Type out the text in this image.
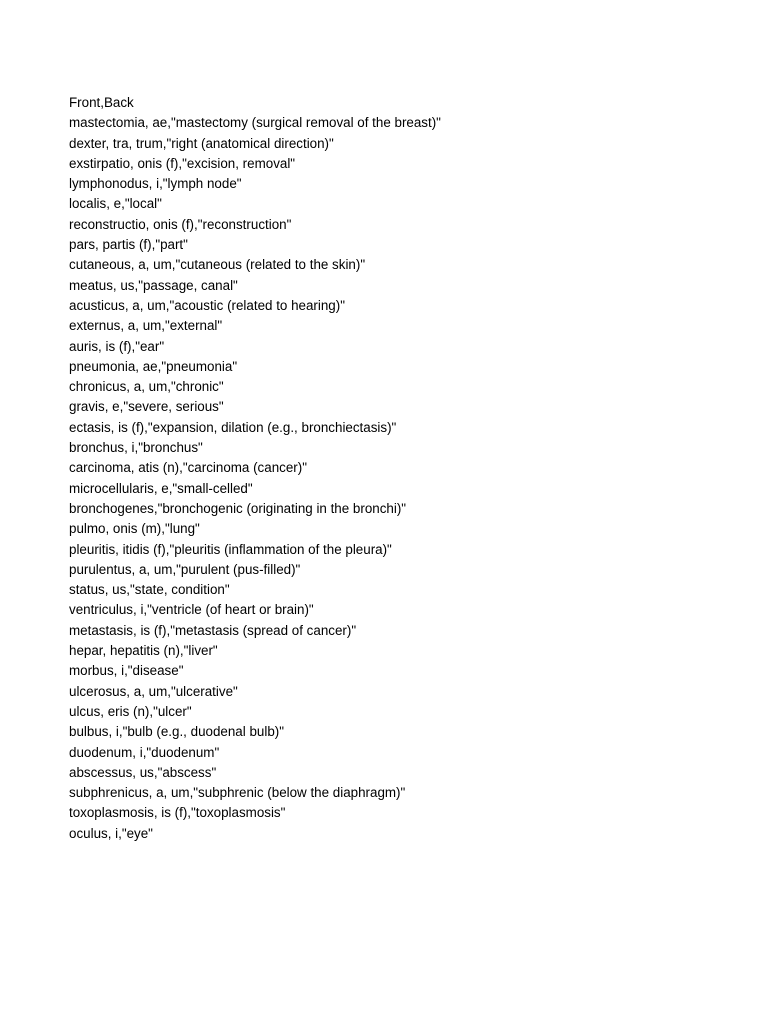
Front,Back
mastectomia, ae,"mastectomy (surgical removal of the breast)"
dexter, tra, trum,"right (anatomical direction)"
exstirpatio, onis (f),"excision, removal"
lymphonodus, i,"lymph node"
localis, e,"local"
reconstructio, onis (f),"reconstruction"
pars, partis (f),"part"
cutaneous, a, um,"cutaneous (related to the skin)"
meatus, us,"passage, canal"
acusticus, a, um,"acoustic (related to hearing)"
externus, a, um,"external"
auris, is (f),"ear"
pneumonia, ae,"pneumonia"
chronicus, a, um,"chronic"
gravis, e,"severe, serious"
ectasis, is (f),"expansion, dilation (e.g., bronchiectasis)"
bronchus, i,"bronchus"
carcinoma, atis (n),"carcinoma (cancer)"
microcellularis, e,"small-celled"
bronchogenes,"bronchogenic (originating in the bronchi)"
pulmo, onis (m),"lung"
pleuritis, itidis (f),"pleuritis (inflammation of the pleura)"
purulentus, a, um,"purulent (pus-filled)"
status, us,"state, condition"
ventriculus, i,"ventricle (of heart or brain)"
metastasis, is (f),"metastasis (spread of cancer)"
hepar, hepatitis (n),"liver"
morbus, i,"disease"
ulcerosus, a, um,"ulcerative"
ulcus, eris (n),"ulcer"
bulbus, i,"bulb (e.g., duodenal bulb)"
duodenum, i,"duodenum"
abscessus, us,"abscess"
subphrenicus, a, um,"subphrenic (below the diaphragm)"
toxoplasmosis, is (f),"toxoplasmosis"
oculus, i,"eye"
